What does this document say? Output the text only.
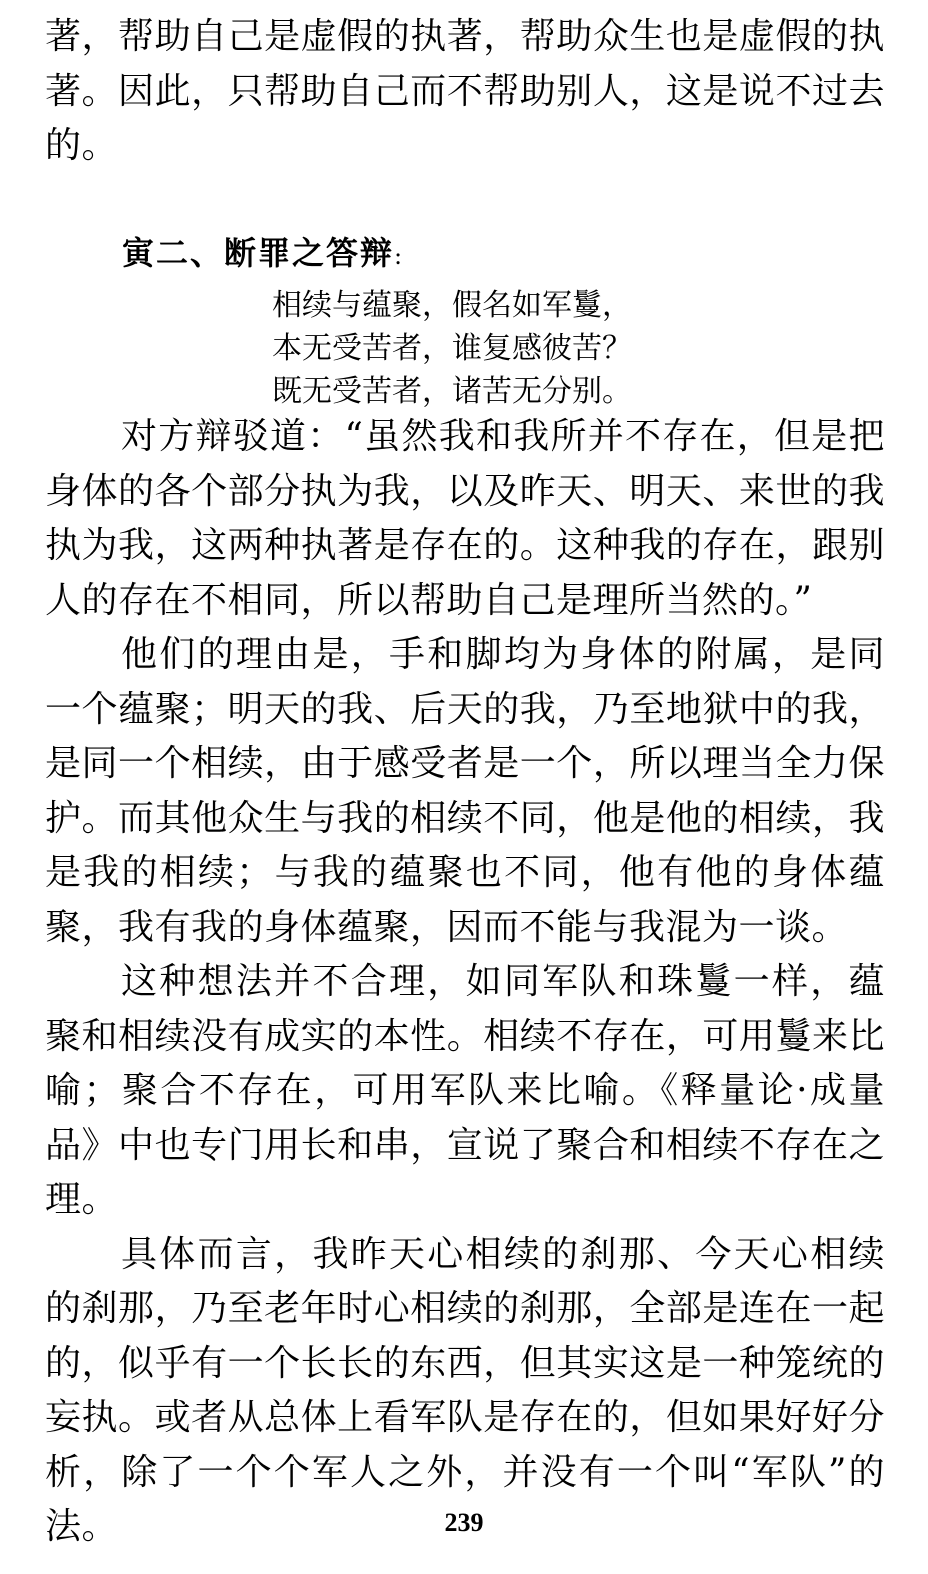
著，帮助自己是虚假的执著，帮助众生也是虚假的执著。因此，只帮助自己而不帮助别人，这是说不过去的。

寅二、断罪之答辩:

相续与蕴聚，假名如军鬘，
本无受苦者，谁复感彼苦？
既无受苦者，诸苦无分别。

对方辩驳道：“虽然我和我所并不存在，但是把身体的各个部分执为我，以及昨天、明天、来世的我执为我，这两种执著是存在的。这种我的存在，跟别人的存在不相同，所以帮助自己是理所当然的。”

他们的理由是，手和脚均为身体的附属，是同一个蕴聚；明天的我、后天的我，乃至地狱中的我，是同一个相续，由于感受者是一个，所以理当全力保护。而其他众生与我的相续不同，他是他的相续，我是我的相续；与我的蕴聚也不同，他有他的身体蕴聚，我有我的身体蕴聚，因而不能与我混为一谈。

这种想法并不合理，如同军队和珠鬘一样，蕴聚和相续没有成实的本性。相续不存在，可用鬘来比喻；聚合不存在，可用军队来比喻。《释量论·成量品》中也专门用长和串，宣说了聚合和相续不存在之理。

具体而言，我昨天心相续的刹那、今天心相续的刹那，乃至老年时心相续的刹那，全部是连在一起的，似乎有一个长长的东西，但其实这是一种笼统的妄执。或者从总体上看军队是存在的，但如果好好分析，除了一个个军人之外，并没有一个叫“军队”的法。	239
